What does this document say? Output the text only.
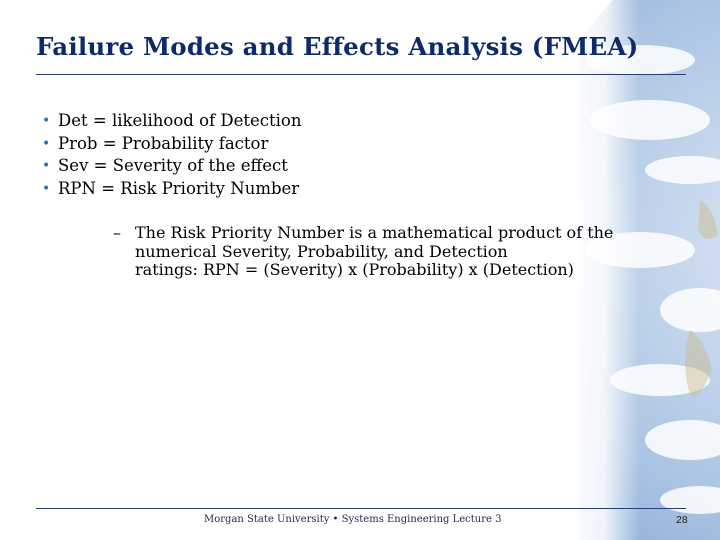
Failure Modes and Effects Analysis (FMEA)
• Det = likelihood of Detection
• Prob = Probability factor
• Sev = Severity of the effect
• RPN = Risk Priority Number
– The Risk Priority Number is a mathematical product of the
numerical Severity, Probability, and Detection
ratings: RPN = (Severity) x (Probability) x (Detection)
Morgan State University • Systems Engineering Lecture 3	28
